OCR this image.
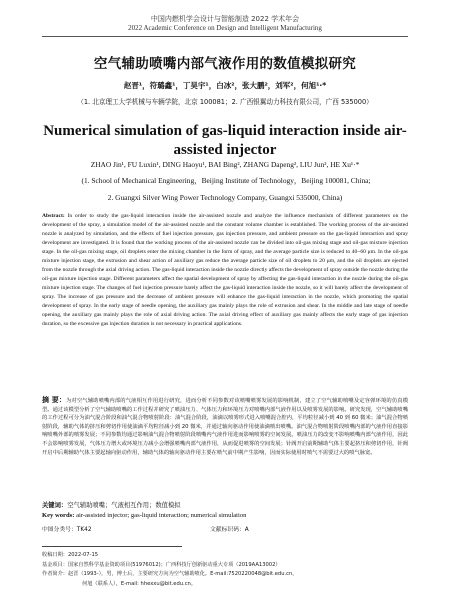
中国内燃机学会设计与智能制造 2022 学术年会
2022 Academic Conference on Design and Intelligent Manufacturing
空气辅助喷嘴内部气液作用的数值模拟研究
赵晋¹，符璐鑫¹，丁昊宇¹，白冰²，张大鹏²，刘军²，何旭¹·*
（1. 北京理工大学机械与车辆学院，北京 100081；2. 广西银翼动力科技有限公司，广西 535000）
Numerical simulation of gas-liquid interaction inside air-assisted injector
ZHAO Jin¹, FU Luxin¹, DING Haoyu¹, BAI Bing², ZHANG Dapeng², LIU Jun², HE Xu¹·*
(1. School of Mechanical Engineering，Beijing Institute of Technology，Beijing 100081, China;
2. Guangxi Silver Wing Power Technology Company, Guangxi 535000, China)
Abstract: In order to study the gas-liquid interaction inside the air-assisted nozzle and analyze the influence mechanism of different parameters on the development of the spray, a simulation model of the air-assisted nozzle and the constant volume chamber is established. The working process of the air-assisted nozzle is analyzed by simulation, and the effects of fuel injection pressure, gas injection pressure, and ambient pressure on the gas-liquid interaction and spray development are investigated. It is found that the working process of the air-assisted nozzle can be divided into oil-gas mixing stage and oil-gas mixture injection stage. In the oil-gas mixing stage, oil droplets enter the mixing chamber in the form of spray, and the average particle size is reduced to 40~60 μm. In the oil-gas mixture injection stage, the extrusion and shear action of auxiliary gas reduce the average particle size of oil droplets to 20 μm, and the oil droplets are ejected from the nozzle through the axial driving action. The gas-liquid interaction inside the nozzle directly affects the development of spray outside the nozzle during the oil-gas mixture injection stage. Different parameters affect the spatial development of spray by affecting the gas-liquid interaction in the nozzle during the oil-gas mixture injection stage. The changes of fuel injection pressure barely affect the gas-liquid interaction inside the nozzle, so it will barely affect the development of spray. The increase of gas pressure and the decrease of ambient pressure will enhance the gas-liquid interaction in the nozzle, which promoting the spatial development of spray. In the early stage of needle opening, the auxiliary gas mainly plays the role of extrusion and shear. In the middle and late stage of needle opening, the auxiliary gas mainly plays the role of axial driving action. The axial driving effect of auxiliary gas mainly affects the early stage of gas injection duration, so the excessive gas injection duration is not necessary in practical applications.
摘 要：为对空气辅助喷嘴内部的气液相互作用进行研究，进而分析不同参数对该喷嘴喷雾发展的影响机制，建立了空气辅助喷嘴及定容弹环境的仿真模型。通过该模型分析了空气辅助喷嘴的工作过程并研究了喷油压力、气体压力和环境压力对喷嘴内部气液作用以及喷雾发展的影响。研究发现，空气辅助喷嘴的工作过程可分为油气混合阶段和油气混合物喷射阶段：油气混合阶段，油滴以喷雾形式进入喷嘴混合腔内，平均粒径减小到 40 到 60 微米；油气混合物喷射阶段，辅助气体的挤压和剪切作用使油滴平均粒径减小到 20 微米，并通过轴向驱动作用使油滴喷出喷嘴。油气混合物喷射阶段喷嘴内部的气液作用直接影响喷嘴外部的喷雾发展；不同参数均通过影响油气混合物喷射阶段喷嘴内气液作用进而影响喷雾的空间发展。喷油压力的改变不影响喷嘴内部气液作用，因此不会影响喷雾发展，气体压力增大或环境压力减小会增强喷嘴内部气液作用，从而促进喷雾的空间发展；针阀开启前期辅助气体主要起挤压和剪切作用，针阀开启中后期辅助气体主要起轴向驱动作用，辅助气体的轴向驱动作用主要在喷气前中期产生影响，因而实际使用时喷气不需要过大的喷气脉宽。
关键词：空气辅助喷嘴；气液相互作用；数值模拟
Key words: air-assisted injector; gas-liquid interaction; numerical simulation
中图分类号：TK42	文献标识码：A
收稿日期：2022-07-15
基金项目：国家自然科学基金资助项目(51976012)；广西科技厅创新驱动重大专项（2019AA13002）
作者简介：赵晋（1993-），男，博士后，主要研究方向为空气辅助喷化。E-mail:7520220048@bit.edu.cn。
何旭（联系人），E-mail: hhexxu@bit.edu.cn。
